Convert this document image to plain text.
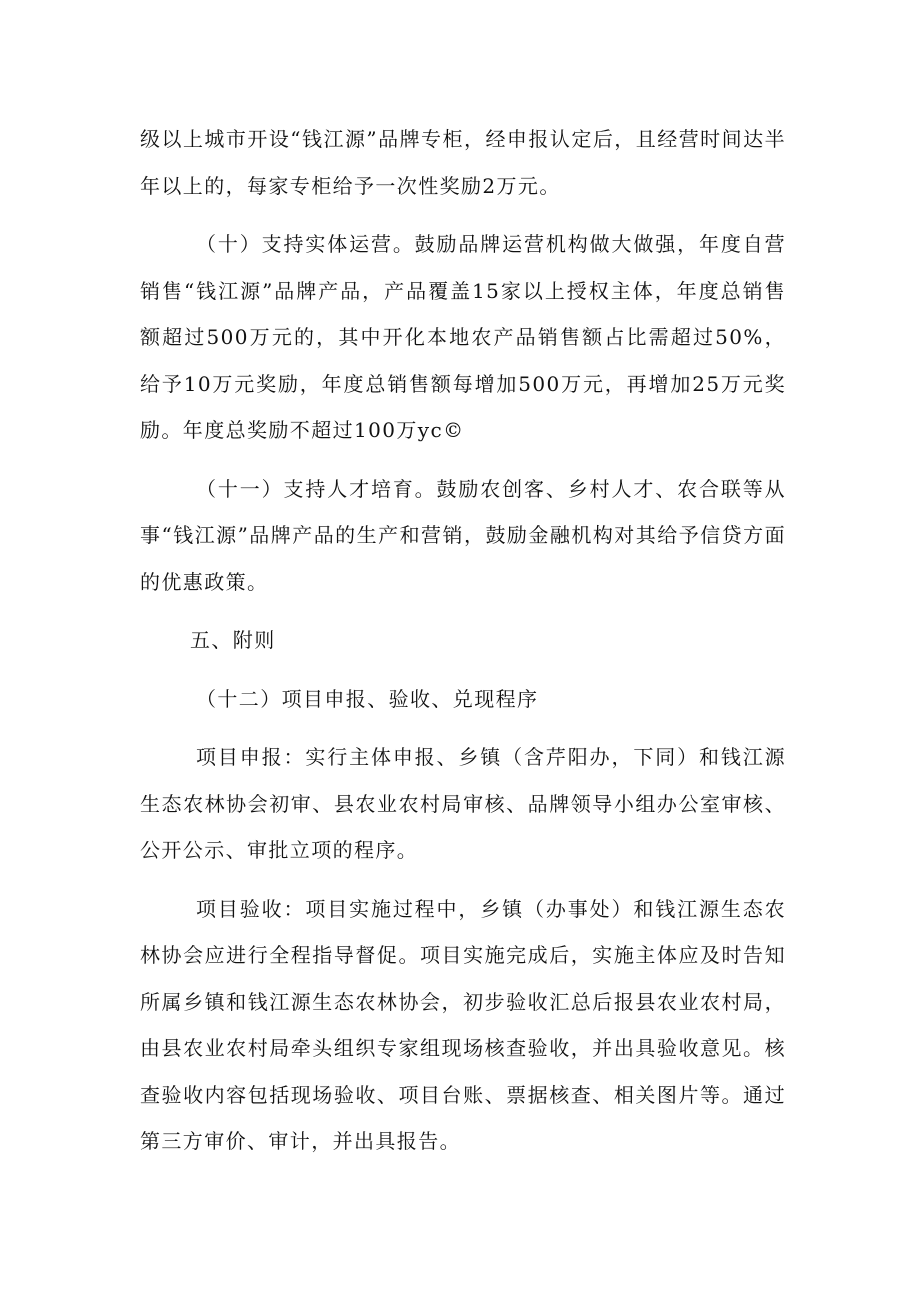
级以上城市开设“钱江源”品牌专柜，经申报认定后，且经营时间达半年以上的，每家专柜给予一次性奖励2万元。

（十）支持实体运营。鼓励品牌运营机构做大做强，年度自营销售“钱江源”品牌产品，产品覆盖15家以上授权主体，年度总销售额超过500万元的，其中开化本地农产品销售额占比需超过50%，给予10万元奖励，年度总销售额每增加500万元，再增加25万元奖励。年度总奖励不超过100万yc©

（十一）支持人才培育。鼓励农创客、乡村人才、农合联等从事“钱江源”品牌产品的生产和营销，鼓励金融机构对其给予信贷方面的优惠政策。

五、附则

（十二）项目申报、验收、兑现程序

项目申报：实行主体申报、乡镇（含芹阳办，下同）和钱江源生态农林协会初审、县农业农村局审核、品牌领导小组办公室审核、公开公示、审批立项的程序。

项目验收：项目实施过程中，乡镇（办事处）和钱江源生态农林协会应进行全程指导督促。项目实施完成后，实施主体应及时告知所属乡镇和钱江源生态农林协会，初步验收汇总后报县农业农村局，由县农业农村局牵头组织专家组现场核查验收，并出具验收意见。核查验收内容包括现场验收、项目台账、票据核查、相关图片等。通过第三方审价、审计，并出具报告。
